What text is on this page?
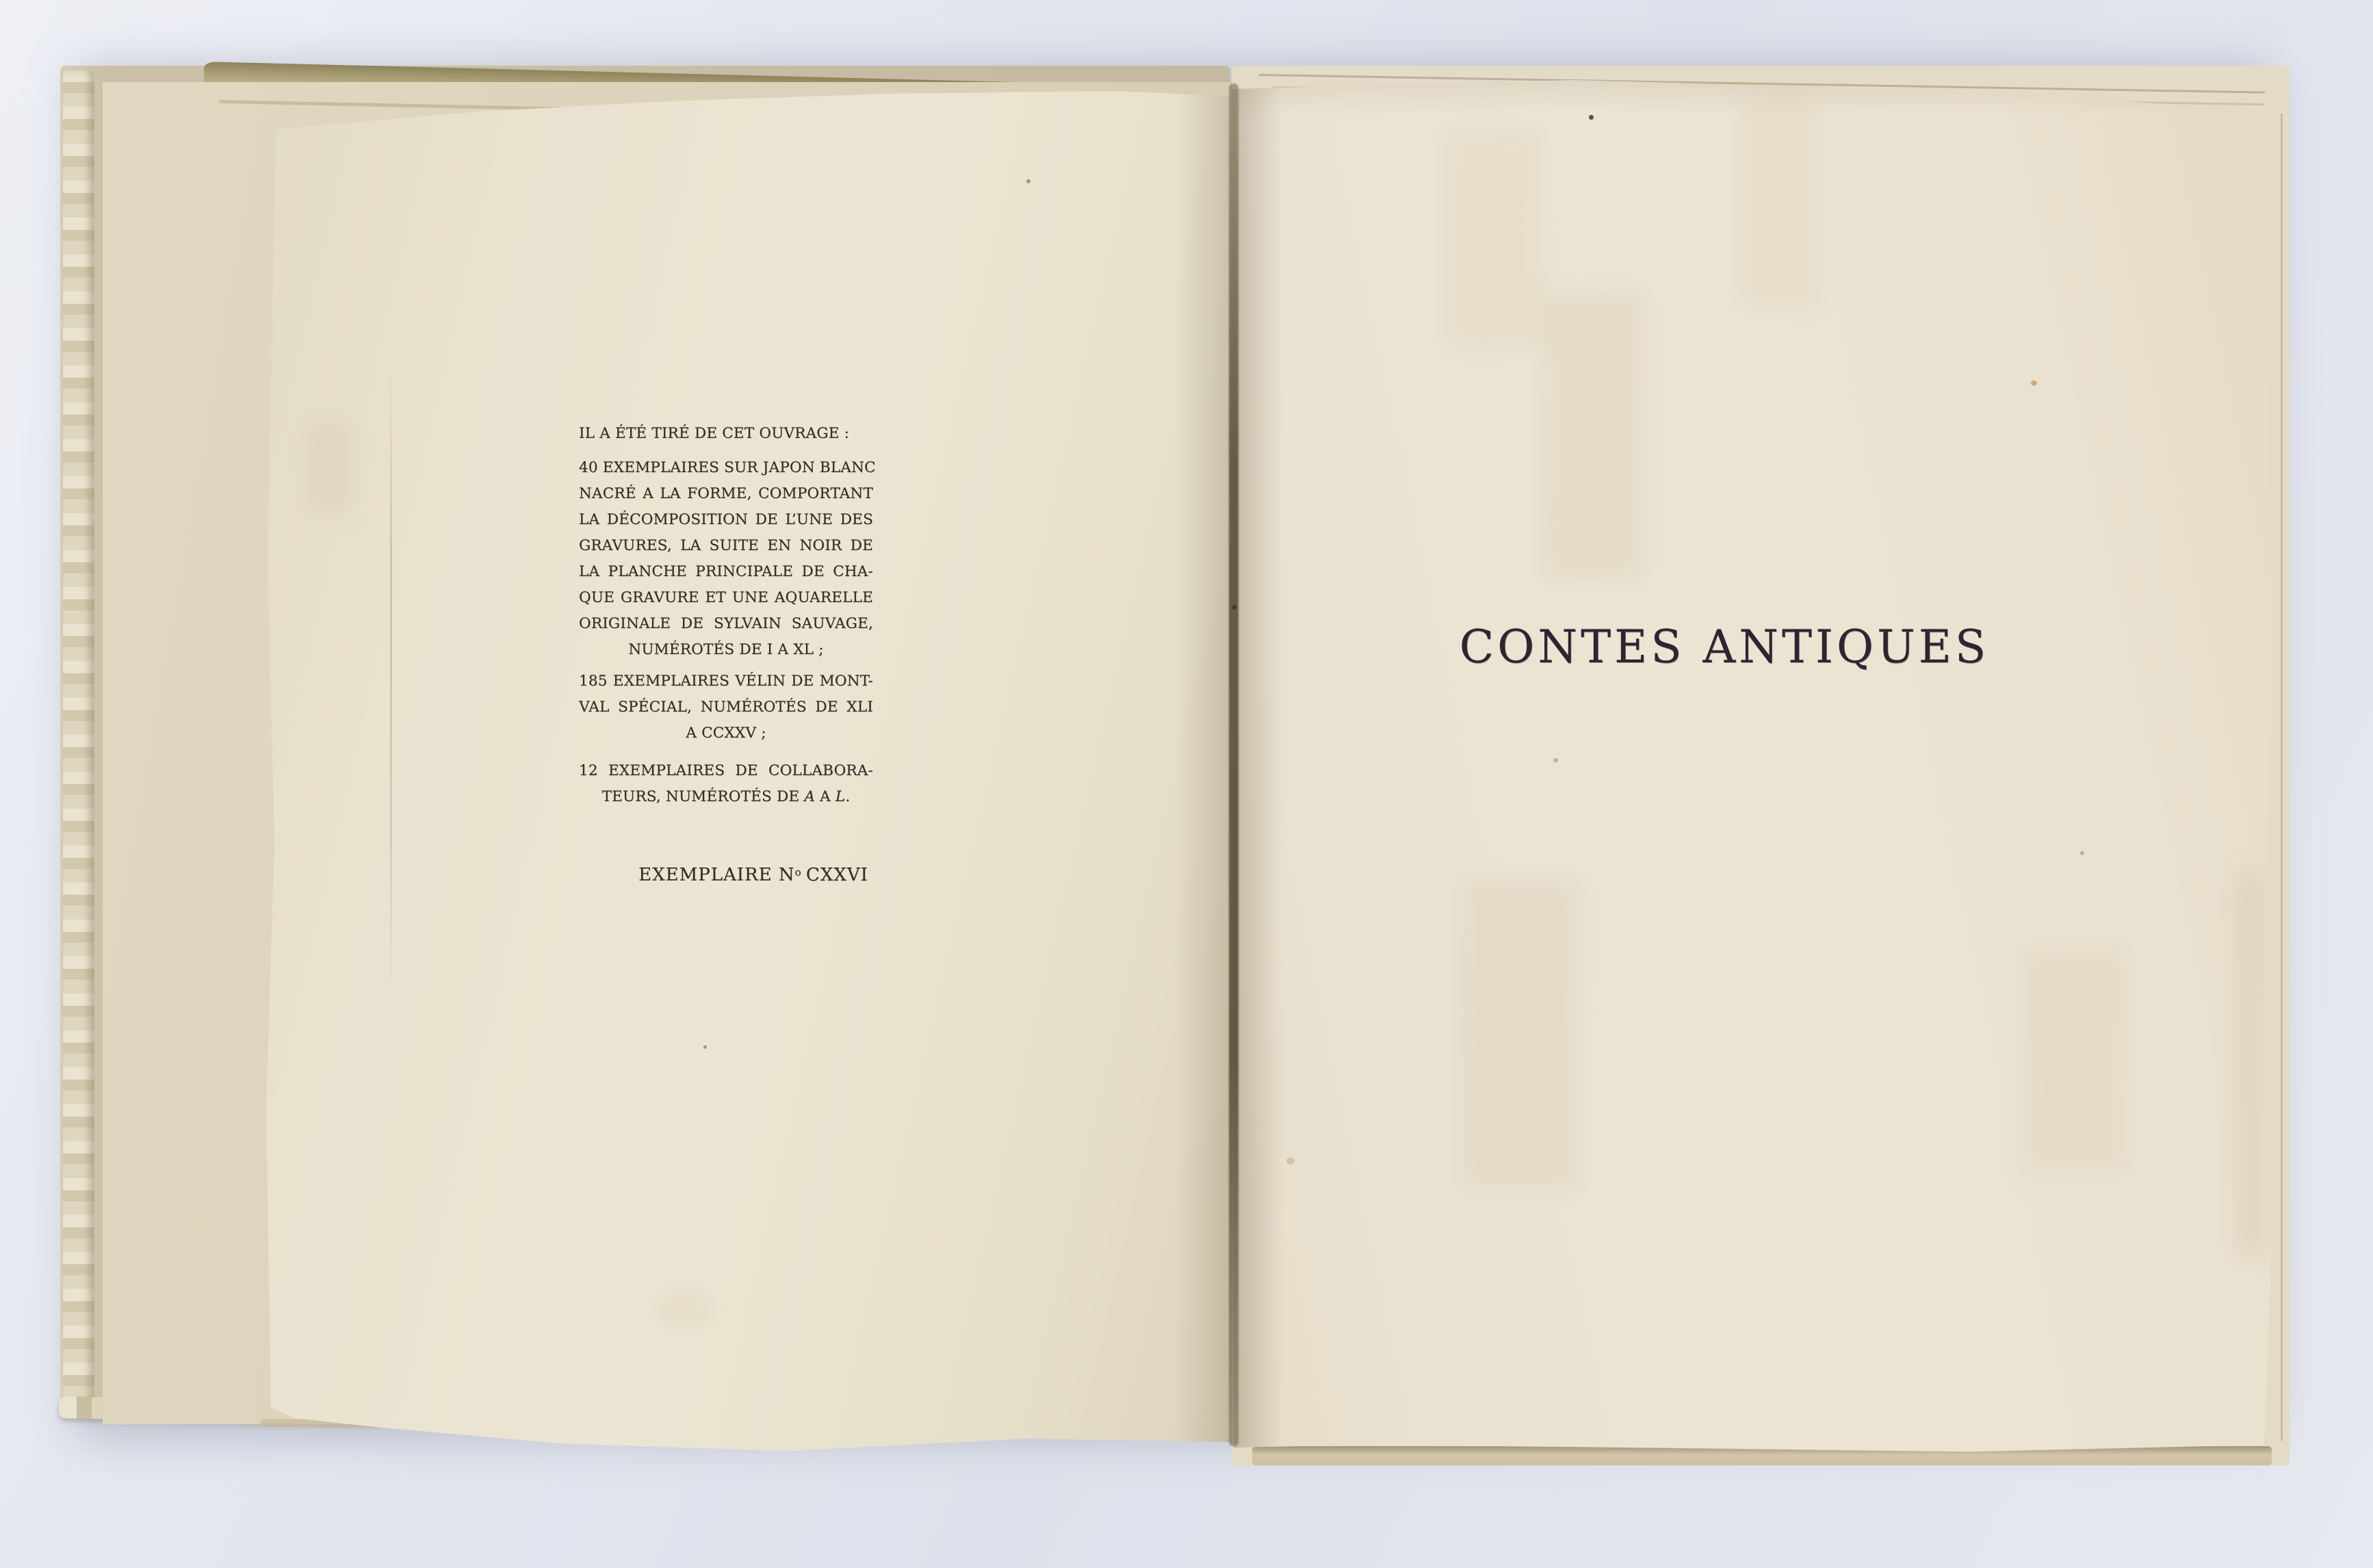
IL A ÉTÉ TIRÉ DE CET OUVRAGE :
40 EXEMPLAIRES SUR JAPON BLANC
NACRÉ A LA FORME, COMPORTANT
LA DÉCOMPOSITION DE L’UNE DES
GRAVURES, LA SUITE EN NOIR DE
LA PLANCHE PRINCIPALE DE CHA-
QUE GRAVURE ET UNE AQUARELLE
ORIGINALE DE SYLVAIN SAUVAGE,
NUMÉROTÉS DE I A XL ;
185 EXEMPLAIRES VÉLIN DE MONT-
VAL SPÉCIAL, NUMÉROTÉS DE XLI
A CCXXV ;
12 EXEMPLAIRES DE COLLABORA-
TEURS, NUMÉROTÉS DE A A L.
EXEMPLAIRE $N^o$ CXXVI
CONTES ANTIQUES
